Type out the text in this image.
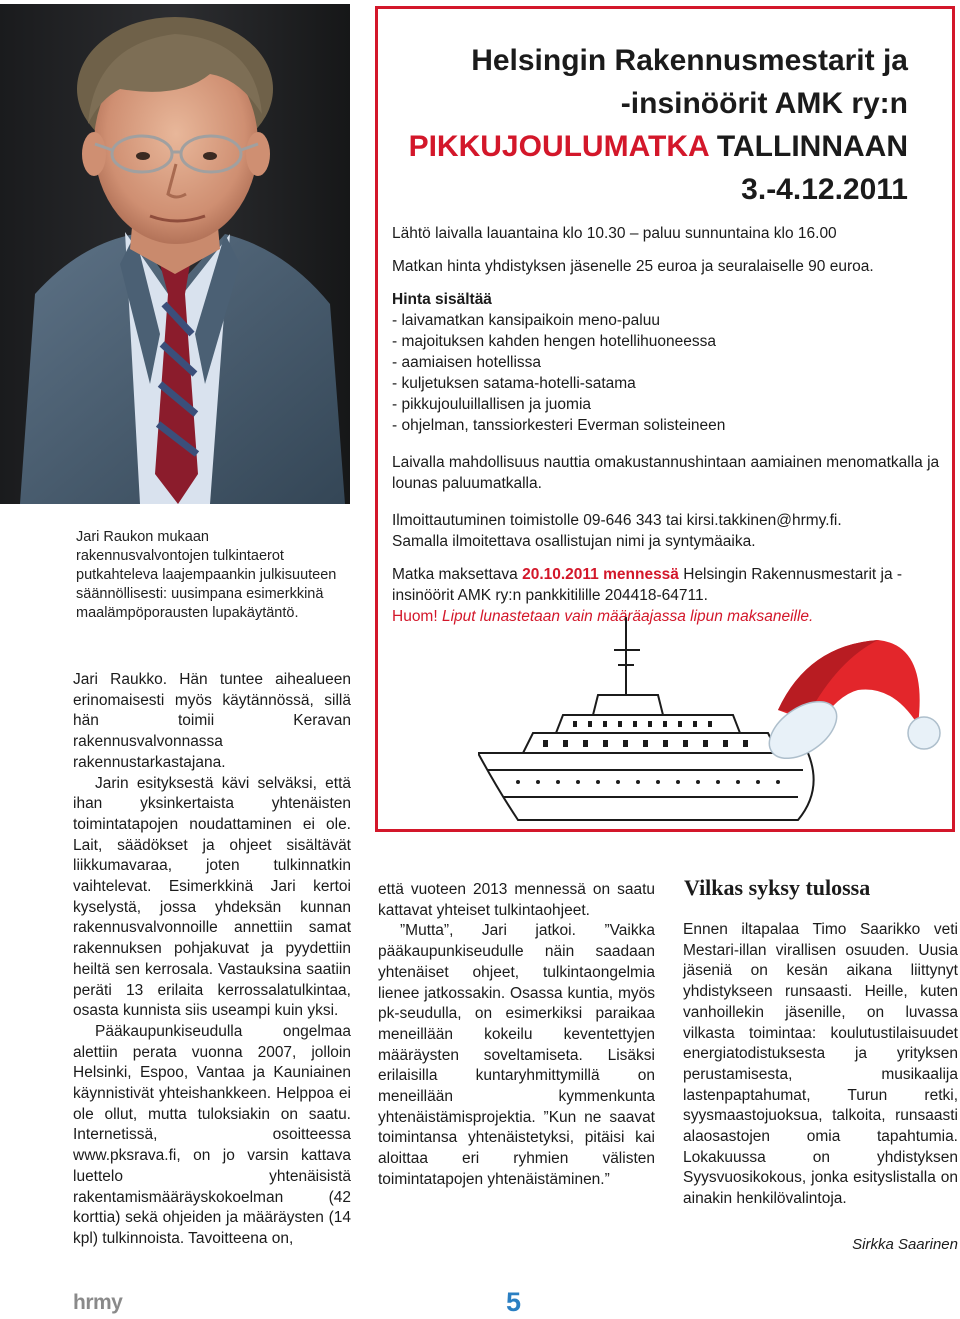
Jari Raukon mukaan rakennusvalvontojen tulkintaerot putkahteleva laajempaankin julkisuuteen säännöllisesti: uusimpana esimerkkinä maalämpöporausten lupakäytäntö.

Helsingin Rakennusmestarit ja
-insinöörit AMK ry:n
PIKKUJOULUMATKA TALLINNAAN
3.-4.12.2011

Lähtö laivalla lauantaina klo 10.30 – paluu sunnuntaina klo 16.00

Matkan hinta yhdistyksen jäsenelle 25 euroa ja seuralaiselle 90 euroa.

Hinta sisältää

- laivamatkan kansipaikoin meno-paluu
- majoituksen kahden hengen hotellihuoneessa
- aamiaisen hotellissa
- kuljetuksen satama-hotelli-satama
- pikkujouluillallisen ja juomia
- ohjelman, tanssiorkesteri Everman solisteineen

Laivalla mahdollisuus nauttia omakustannushintaan aamiainen menomatkalla ja lounas paluumatkalla.

Ilmoittautuminen toimistolle 09-646 343 tai kirsi.takkinen@hrmy.fi.

Samalla ilmoitettava osallistujan nimi ja syntymäaika.

Matka maksettava 20.10.2011 mennessä Helsingin Rakennusmestarit ja -insinöörit AMK ry:n pankkitilille 204418-64711.

Huom! Liput lunastetaan vain määräajassa lipun maksaneille.

Jari Raukko. Hän tuntee aihealueen erinomaisesti myös käytännössä, sillä hän toimii Keravan rakennusvalvonnassa rakennustarkastajana.

Jarin esityksestä kävi selväksi, että ihan yksinkertaista yhtenäisten toimintatapojen noudattaminen ei ole. Lait, säädökset ja ohjeet sisältävät liikkumavaraa, joten tulkinnatkin vaihtelevat. Esimerkkinä Jari kertoi kyselystä, jossa yhdeksän kunnan rakennusvalvonnoille annettiin samat rakennuksen pohjakuvat ja pyydettiin heiltä sen kerrosala. Vastauksina saatiin peräti 13 erilaita kerrossalatulkintaa, osasta kunnista siis useampi kuin yksi.

Pääkaupunkiseudulla ongelmaa alettiin perata vuonna 2007, jolloin Helsinki, Espoo, Vantaa ja Kauniainen käynnistivät yhteishankkeen. Helppoa ei ole ollut, mutta tuloksiakin on saatu. Internetissä, osoitteessa www.pksrava.fi, on jo varsin kattava luettelo yhtenäisistä rakentamismääräyskokoelman (42 korttia) sekä ohjeiden ja määräysten (14 kpl) tulkinnoista. Tavoitteena on,

että vuoteen 2013 mennessä on saatu kattavat yhteiset tulkintaohjeet.

”Mutta”, Jari jatkoi. ”Vaikka pääkaupunkiseudulle näin saadaan yhtenäiset ohjeet, tulkintaongelmia lienee jatkossakin. Osassa kuntia, myös pk-seudulla, on esimerkiksi paraikaa meneillään kokeilu keventettyjen määräysten soveltamiseta. Lisäksi erilaisilla kuntaryhmittymillä on meneillään kymmenkunta yhtenäistämisprojektia. ”Kun ne saavat toimintansa yhtenäistetyksi, pitäisi kai aloittaa eri ryhmien välisten toimintatapojen yhtenäistäminen.”

Vilkas syksy tulossa

Ennen iltapalaa Timo Saarikko veti Mestari-illan virallisen osuuden. Uusia jäseniä on kesän aikana liittynyt yhdistykseen runsaasti. Heille, kuten vanhoillekin jäsenille, on luvassa vilkasta toimintaa: koulutustilaisuudet energiatodistuksesta ja yrityksen perustamisesta, musikaalija lastenpaptahumat, Turun retki, syysmaastojuoksua, talkoita, runsaasti alaosastojen omia tapahtumia. Lokakuussa on yhdistyksen Syysvuosikokous, jonka esityslistalla on ainakin henkilövalintoja.

Sirkka Saarinen
hrmy	5
